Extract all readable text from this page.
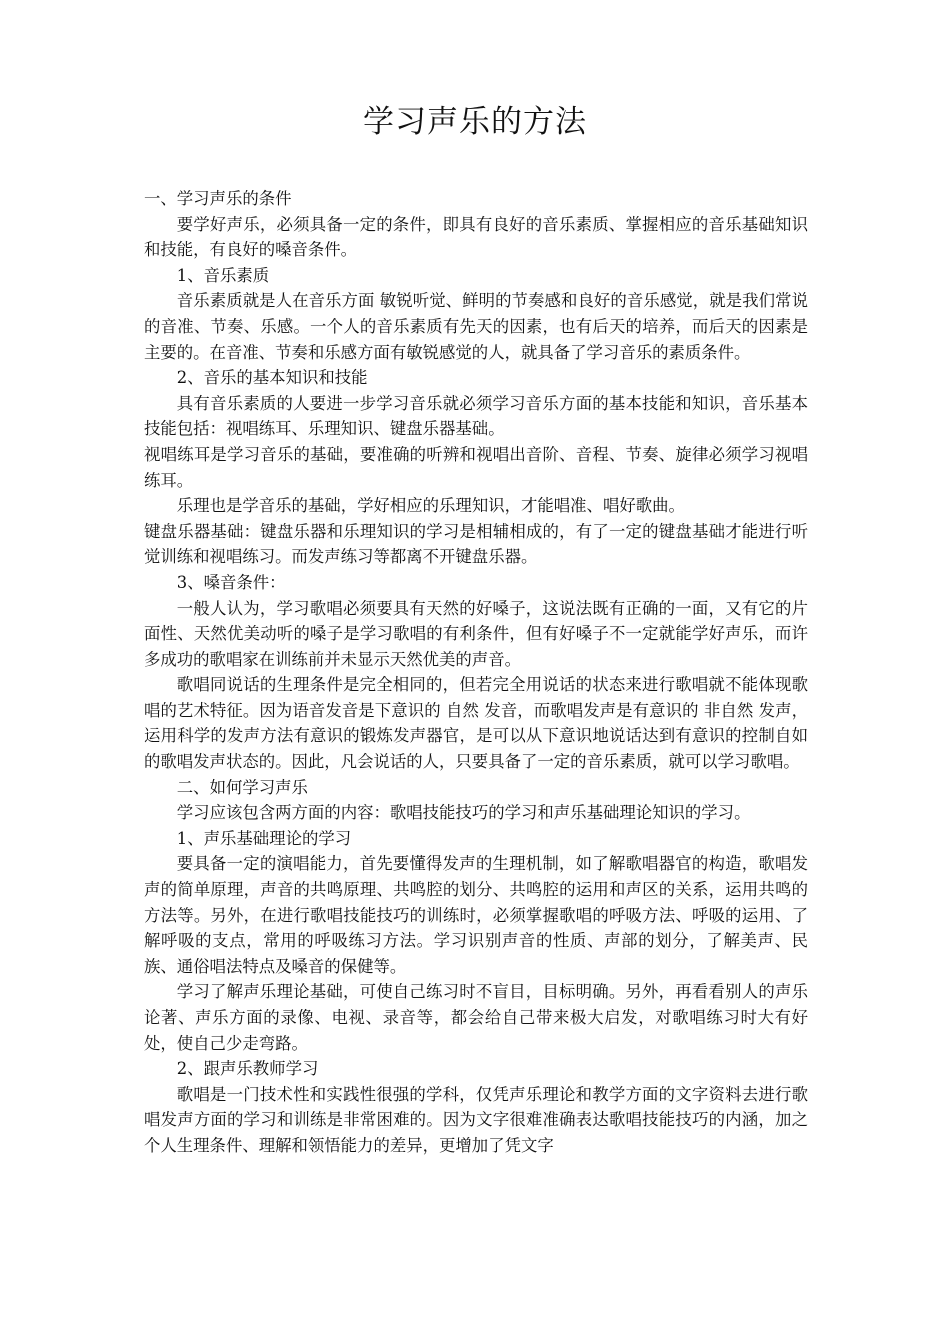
学习声乐的方法

一、学习声乐的条件

要学好声乐，必须具备一定的条件，即具有良好的音乐素质、掌握相应的音乐基础知识和技能，有良好的嗓音条件。

1、音乐素质

音乐素质就是人在音乐方面 敏锐听觉、鲜明的节奏感和良好的音乐感觉，就是我们常说的音准、节奏、乐感。一个人的音乐素质有先天的因素，也有后天的培养，而后天的因素是主要的。在音准、节奏和乐感方面有敏锐感觉的人，就具备了学习音乐的素质条件。

2、音乐的基本知识和技能

具有音乐素质的人要进一步学习音乐就必须学习音乐方面的基本技能和知识，音乐基本技能包括：视唱练耳、乐理知识、键盘乐器基础。

视唱练耳是学习音乐的基础，要准确的听辨和视唱出音阶、音程、节奏、旋律必须学习视唱练耳。

乐理也是学音乐的基础，学好相应的乐理知识，才能唱准、唱好歌曲。

键盘乐器基础：键盘乐器和乐理知识的学习是相辅相成的，有了一定的键盘基础才能进行听觉训练和视唱练习。而发声练习等都离不开键盘乐器。

3、嗓音条件：

一般人认为，学习歌唱必须要具有天然的好嗓子，这说法既有正确的一面，又有它的片面性、天然优美动听的嗓子是学习歌唱的有利条件，但有好嗓子不一定就能学好声乐，而许多成功的歌唱家在训练前并未显示天然优美的声音。

歌唱同说话的生理条件是完全相同的，但若完全用说话的状态来进行歌唱就不能体现歌唱的艺术特征。因为语音发音是下意识的 自然 发音，而歌唱发声是有意识的 非自然 发声，运用科学的发声方法有意识的锻炼发声器官，是可以从下意识地说话达到有意识的控制自如的歌唱发声状态的。因此，凡会说话的人，只要具备了一定的音乐素质，就可以学习歌唱。

二、如何学习声乐

学习应该包含两方面的内容：歌唱技能技巧的学习和声乐基础理论知识的学习。

1、声乐基础理论的学习

要具备一定的演唱能力，首先要懂得发声的生理机制，如了解歌唱器官的构造，歌唱发声的简单原理，声音的共鸣原理、共鸣腔的划分、共鸣腔的运用和声区的关系，运用共鸣的方法等。另外，在进行歌唱技能技巧的训练时，必须掌握歌唱的呼吸方法、呼吸的运用、了解呼吸的支点，常用的呼吸练习方法。学习识别声音的性质、声部的划分，了解美声、民族、通俗唱法特点及嗓音的保健等。

学习了解声乐理论基础，可使自己练习时不盲目，目标明确。另外，再看看别人的声乐论著、声乐方面的录像、电视、录音等，都会给自己带来极大启发，对歌唱练习时大有好处，使自己少走弯路。

2、跟声乐教师学习

歌唱是一门技术性和实践性很强的学科，仅凭声乐理论和教学方面的文字资料去进行歌唱发声方面的学习和训练是非常困难的。因为文字很难准确表达歌唱技能技巧的内涵，加之个人生理条件、理解和领悟能力的差异，更增加了凭文字
